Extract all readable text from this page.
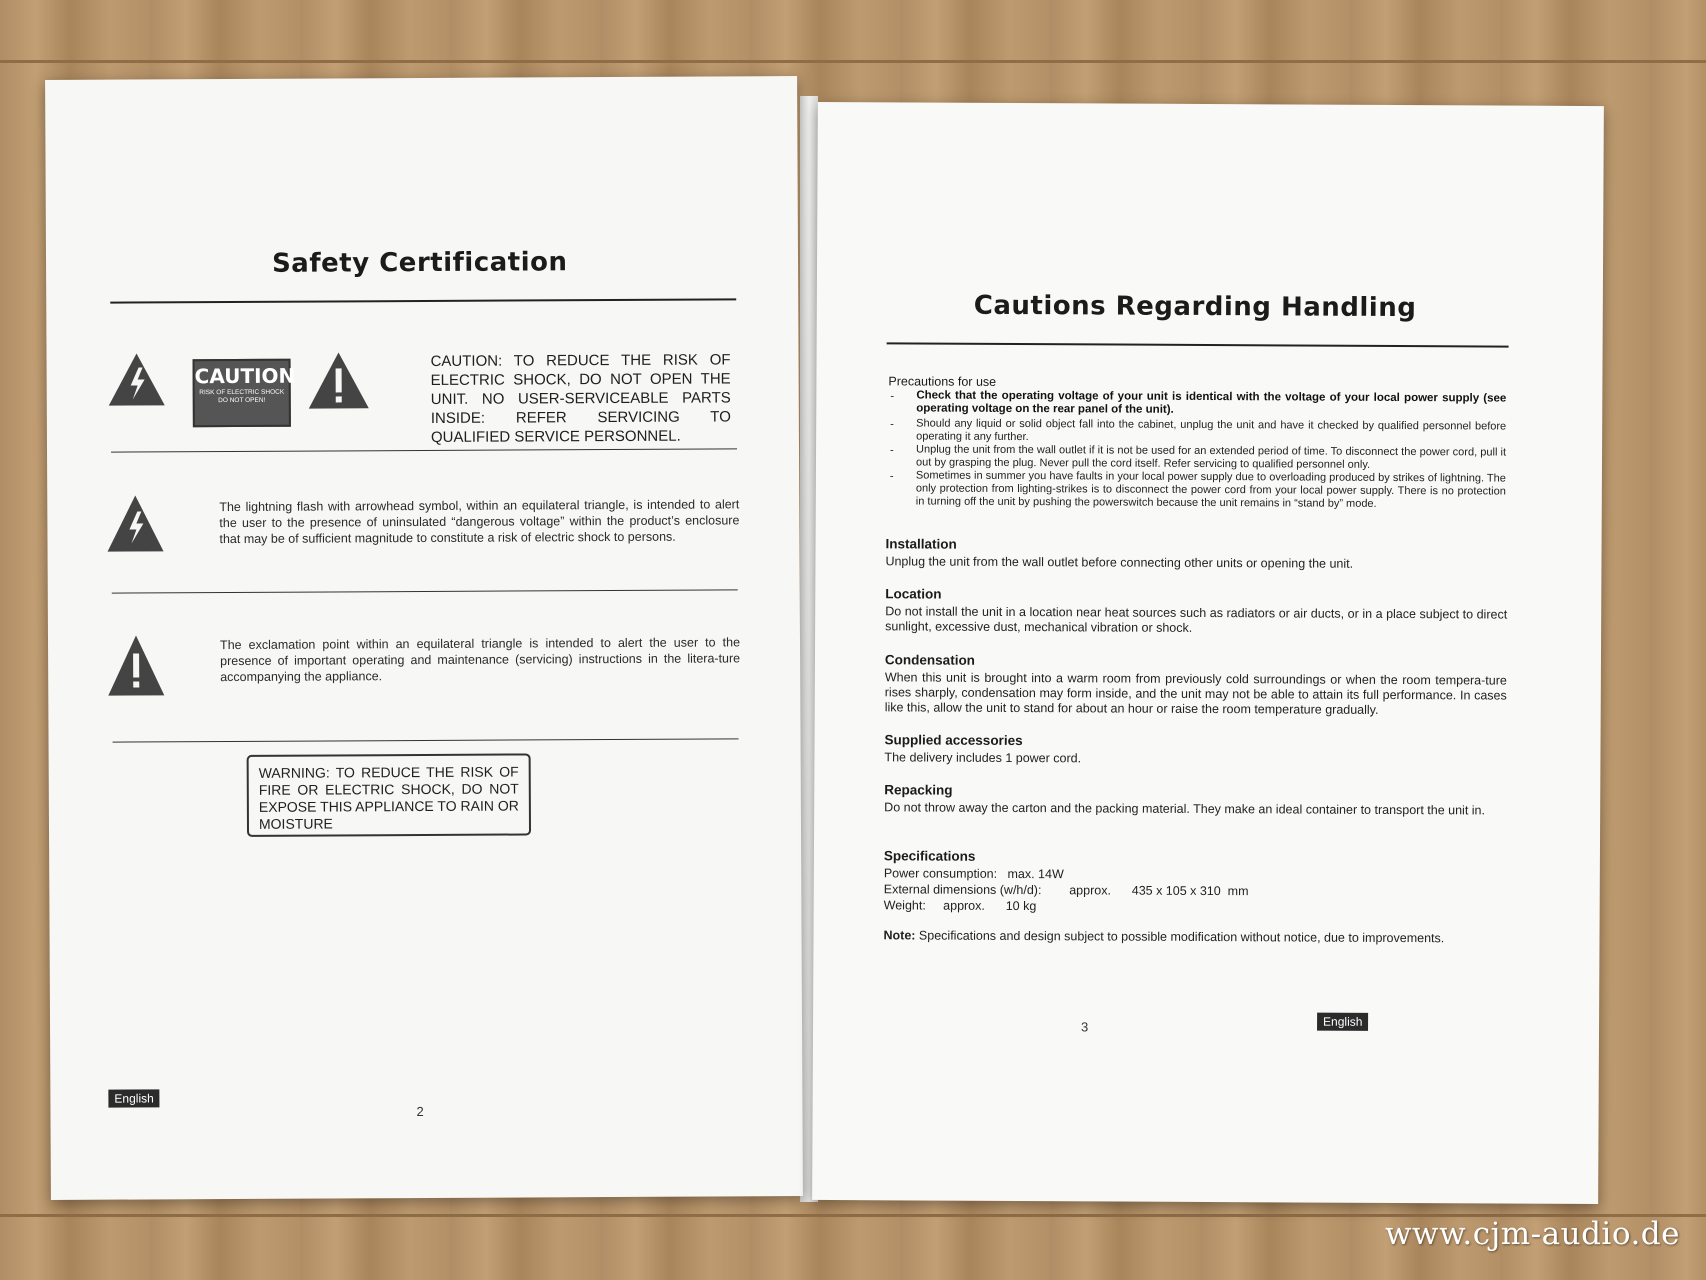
Safety Certification
CAUTION
RISK OF ELECTRIC SHOCK DO NOT OPEN!
CAUTION: TO REDUCE THE RISK OF ELECTRIC SHOCK, DO NOT OPEN THE UNIT. NO USER-SERVICEABLE PARTS INSIDE: REFER SERVICING TO QUALIFIED SERVICE PERSONNEL.
The lightning flash with arrowhead symbol, within an equilateral triangle, is intended to alert the user to the presence of uninsulated “dangerous voltage” within the product’s enclosure that may be of sufficient magnitude to constitute a risk of electric shock to persons.
The exclamation point within an equilateral triangle is intended to alert the user to the presence of important operating and maintenance (servicing) instructions in the litera-ture accompanying the appliance.
WARNING: TO REDUCE THE RISK OF FIRE OR ELECTRIC SHOCK, DO NOT EXPOSE THIS APPLIANCE TO RAIN OR MOISTURE
English
2
Cautions Regarding Handling
Precautions for use
- Check that the operating voltage of your unit is identical with the voltage of your local power supply (see operating voltage on the rear panel of the unit).
- Should any liquid or solid object fall into the cabinet, unplug the unit and have it checked by qualified personnel before operating it any further.
- Unplug the unit from the wall outlet if it is not be used for an extended period of time. To disconnect the power cord, pull it out by grasping the plug. Never pull the cord itself. Refer servicing to qualified personnel only.
- Sometimes in summer you have faults in your local power supply due to overloading produced by strikes of lightning. The only protection from lighting-strikes is to disconnect the power cord from your local power supply. There is no protection in turning off the unit by pushing the powerswitch because the unit remains in “stand by” mode.
Installation
Unplug the unit from the wall outlet before connecting other units or opening the unit.
Location
Do not install the unit in a location near heat sources such as radiators or air ducts, or in a place subject to direct sunlight, excessive dust, mechanical vibration or shock.
Condensation
When this unit is brought into a warm room from previously cold surroundings or when the room tempera-ture rises sharply, condensation may form inside, and the unit may not be able to attain its full performance. In cases like this, allow the unit to stand for about an hour or raise the room temperature gradually.
Supplied accessories
The delivery includes 1 power cord.
Repacking
Do not throw away the carton and the packing material. They make an ideal container to transport the unit in.
Specifications
Power consumption:   max. 14W
External dimensions (w/h/d):        approx.      435 x 105 x 310  mm
Weight:     approx.      10 kg
Note: Specifications and design subject to possible modification without notice, due to improvements.
3	English
www.cjm-audio.de
